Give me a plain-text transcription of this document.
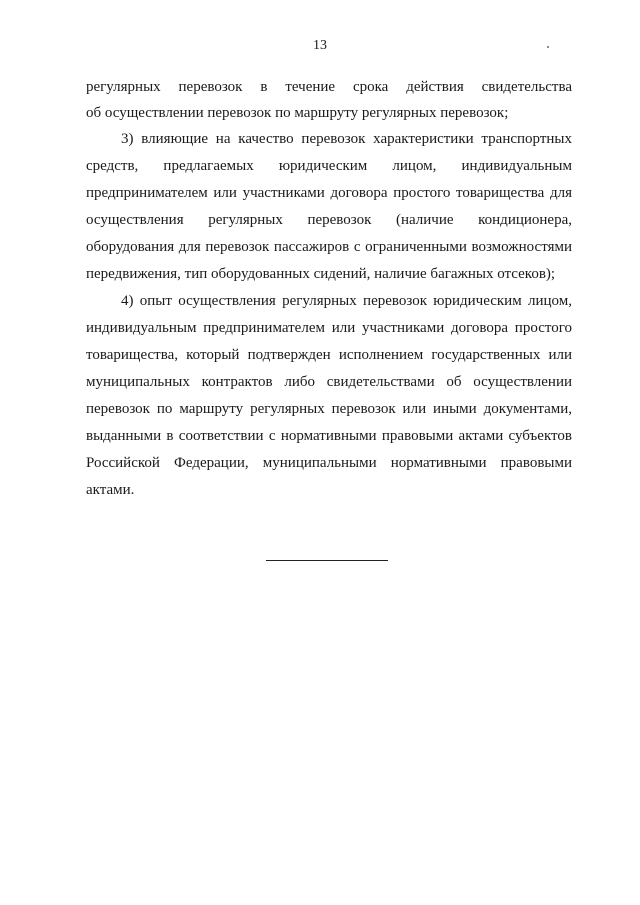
13
регулярных перевозок в течение срока действия свидетельства
об осуществлении перевозок по маршруту регулярных перевозок;
3) влияющие на качество перевозок характеристики транспортных
средств, предлагаемых юридическим лицом, индивидуальным
предпринимателем или участниками договора простого товарищества для
осуществления регулярных перевозок (наличие кондиционера,
оборудования для перевозок пассажиров с ограниченными возможностями
передвижения, тип оборудованных сидений, наличие багажных отсеков);
4) опыт осуществления регулярных перевозок юридическим лицом,
индивидуальным предпринимателем или участниками договора простого
товарищества, который подтвержден исполнением государственных или
муниципальных контрактов либо свидетельствами об осуществлении
перевозок по маршруту регулярных перевозок или иными документами,
выданными в соответствии с нормативными правовыми актами субъектов
Российской Федерации, муниципальными нормативными правовыми
актами.
